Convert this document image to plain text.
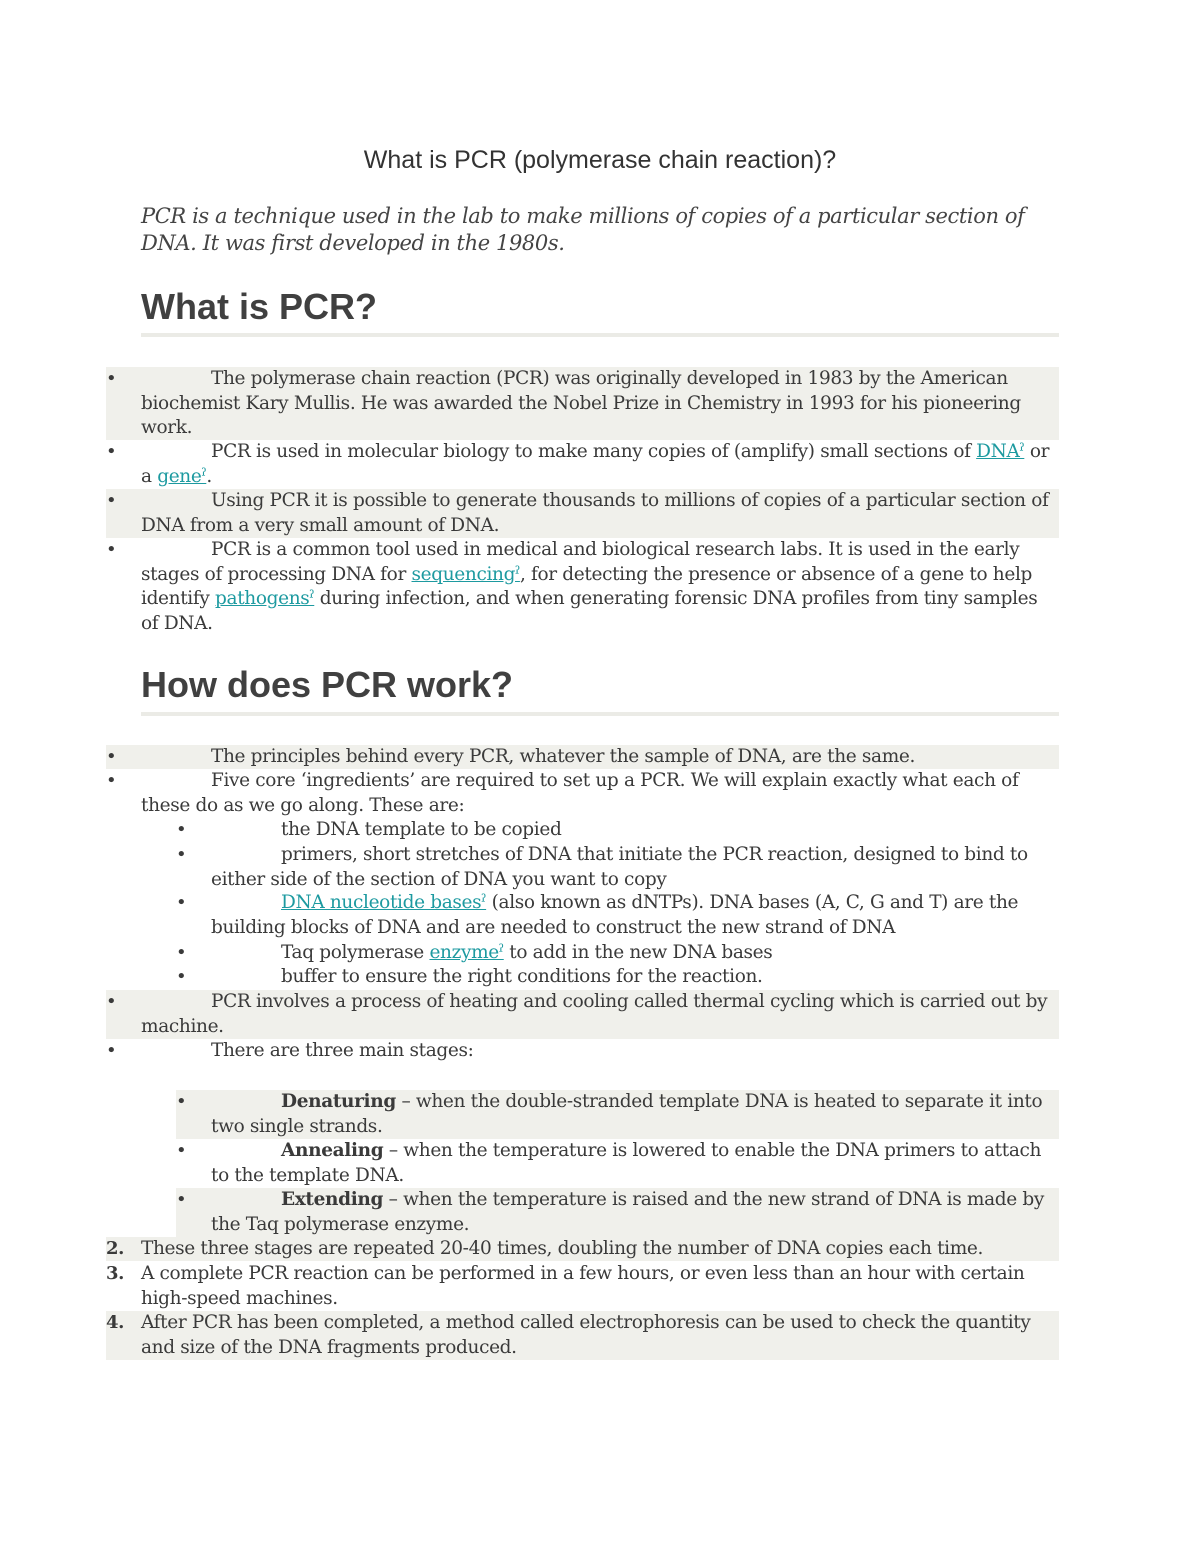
What is PCR (polymerase chain reaction)?
PCR is a technique used in the lab to make millions of copies of a particular section of DNA. It was first developed in the 1980s.
What is PCR?
•	The polymerase chain reaction (PCR) was originally developed in 1983 by the American biochemist Kary Mullis. He was awarded the Nobel Prize in Chemistry in 1993 for his pioneering work.
•	PCR is used in molecular biology to make many copies of (amplify) small sections of DNAˀ or a geneˀ.
•	Using PCR it is possible to generate thousands to millions of copies of a particular section of DNA from a very small amount of DNA.
•	PCR is a common tool used in medical and biological research labs. It is used in the early stages of processing DNA for sequencingˀ, for detecting the presence or absence of a gene to help identify pathogensˀ during infection, and when generating forensic DNA profiles from tiny samples of DNA.
How does PCR work?
•	The principles behind every PCR, whatever the sample of DNA, are the same.
•	Five core ‘ingredients’ are required to set up a PCR. We will explain exactly what each of these do as we go along. These are:
•	the DNA template to be copied
•	primers, short stretches of DNA that initiate the PCR reaction, designed to bind to either side of the section of DNA you want to copy
•	DNA nucleotide basesˀ (also known as dNTPs). DNA bases (A, C, G and T) are the building blocks of DNA and are needed to construct the new strand of DNA
•	Taq polymerase enzymeˀ to add in the new DNA bases
•	buffer to ensure the right conditions for the reaction.
•	PCR involves a process of heating and cooling called thermal cycling which is carried out by machine.
•	There are three main stages:
•	Denaturing – when the double-stranded template DNA is heated to separate it into two single strands.
•	Annealing – when the temperature is lowered to enable the DNA primers to attach to the template DNA.
•	Extending – when the temperature is raised and the new strand of DNA is made by the Taq polymerase enzyme.
2. These three stages are repeated 20-40 times, doubling the number of DNA copies each time.
3. A complete PCR reaction can be performed in a few hours, or even less than an hour with certain high-speed machines.
4. After PCR has been completed, a method called electrophoresis can be used to check the quantity and size of the DNA fragments produced.
